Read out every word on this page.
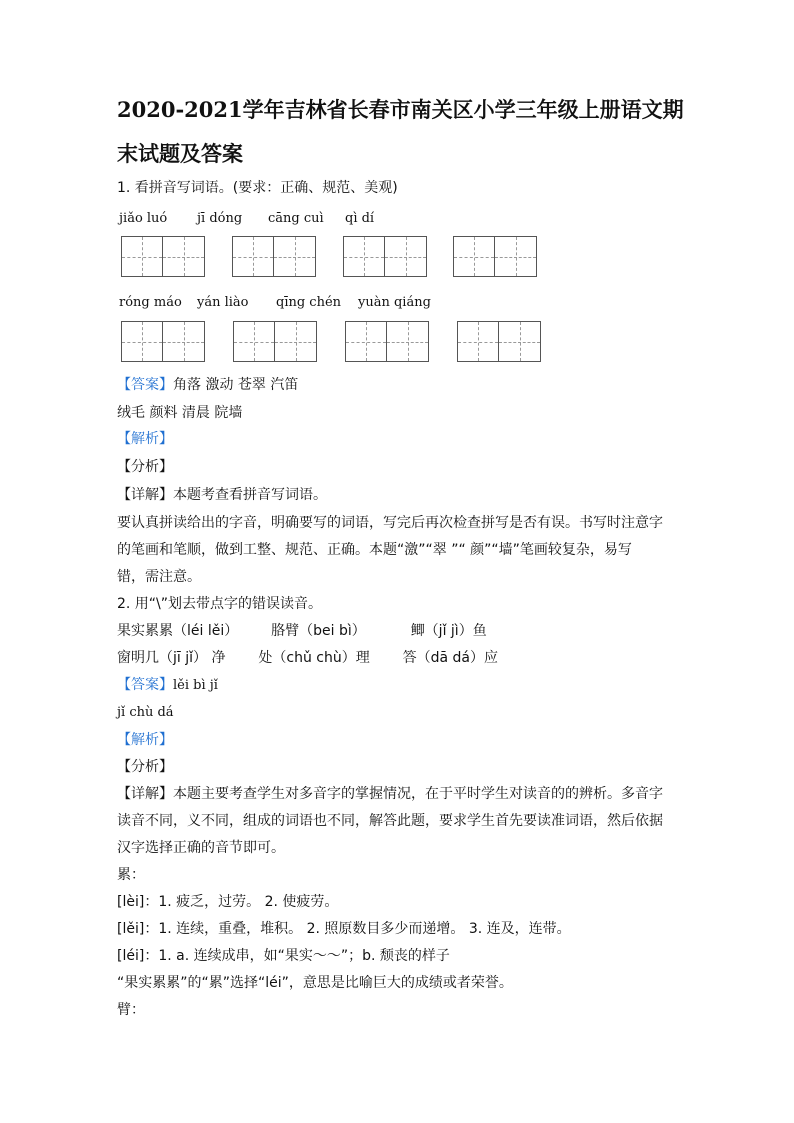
2020-2021学年吉林省长春市南关区小学三年级上册语文期
末试题及答案
1. 看拼音写词语。(要求：正确、规范、美观)
jiǎo luó jī dóng cāng cuì qì dí
róng máo yán liào qīng chén yuàn qiáng
【答案】角落 激动 苍翠 汽笛
绒毛 颜料 清晨 院墙
【解析】
【分析】
【详解】本题考查看拼音写词语。
要认真拼读给出的字音，明确要写的词语，写完后再次检查拼写是否有误。书写时注意字
的笔画和笔顺，做到工整、规范、正确。本题“激”“翠 ”“ 颜”“墙”笔画较复杂，易写
错，需注意。
2. 用“\”划去带点字的错误读音。
果实累累（léi lěi） 胳臂（bei bì）	鲫（jǐ jì）鱼
窗明几（jī jǐ） 净 处（chǔ chù）理 答（dā dá）应
【答案】lěi bì jǐ
jǐ chù dá
【解析】
【分析】
【详解】本题主要考查学生对多音字的掌握情况，在于平时学生对读音的的辨析。多音字
读音不同，义不同，组成的词语也不同，解答此题，要求学生首先要读准词语，然后依据
汉字选择正确的音节即可。
累：
[lèi]：1. 疲乏，过劳。 2. 使疲劳。
[lěi]：1. 连续，重叠，堆积。 2. 照原数目多少而递增。 3. 连及，连带。
[léi]：1. a. 连续成串，如“果实～～”；b. 颓丧的样子
“果实累累”的“累”选择“léi”，意思是比喻巨大的成绩或者荣誉。
臂：
